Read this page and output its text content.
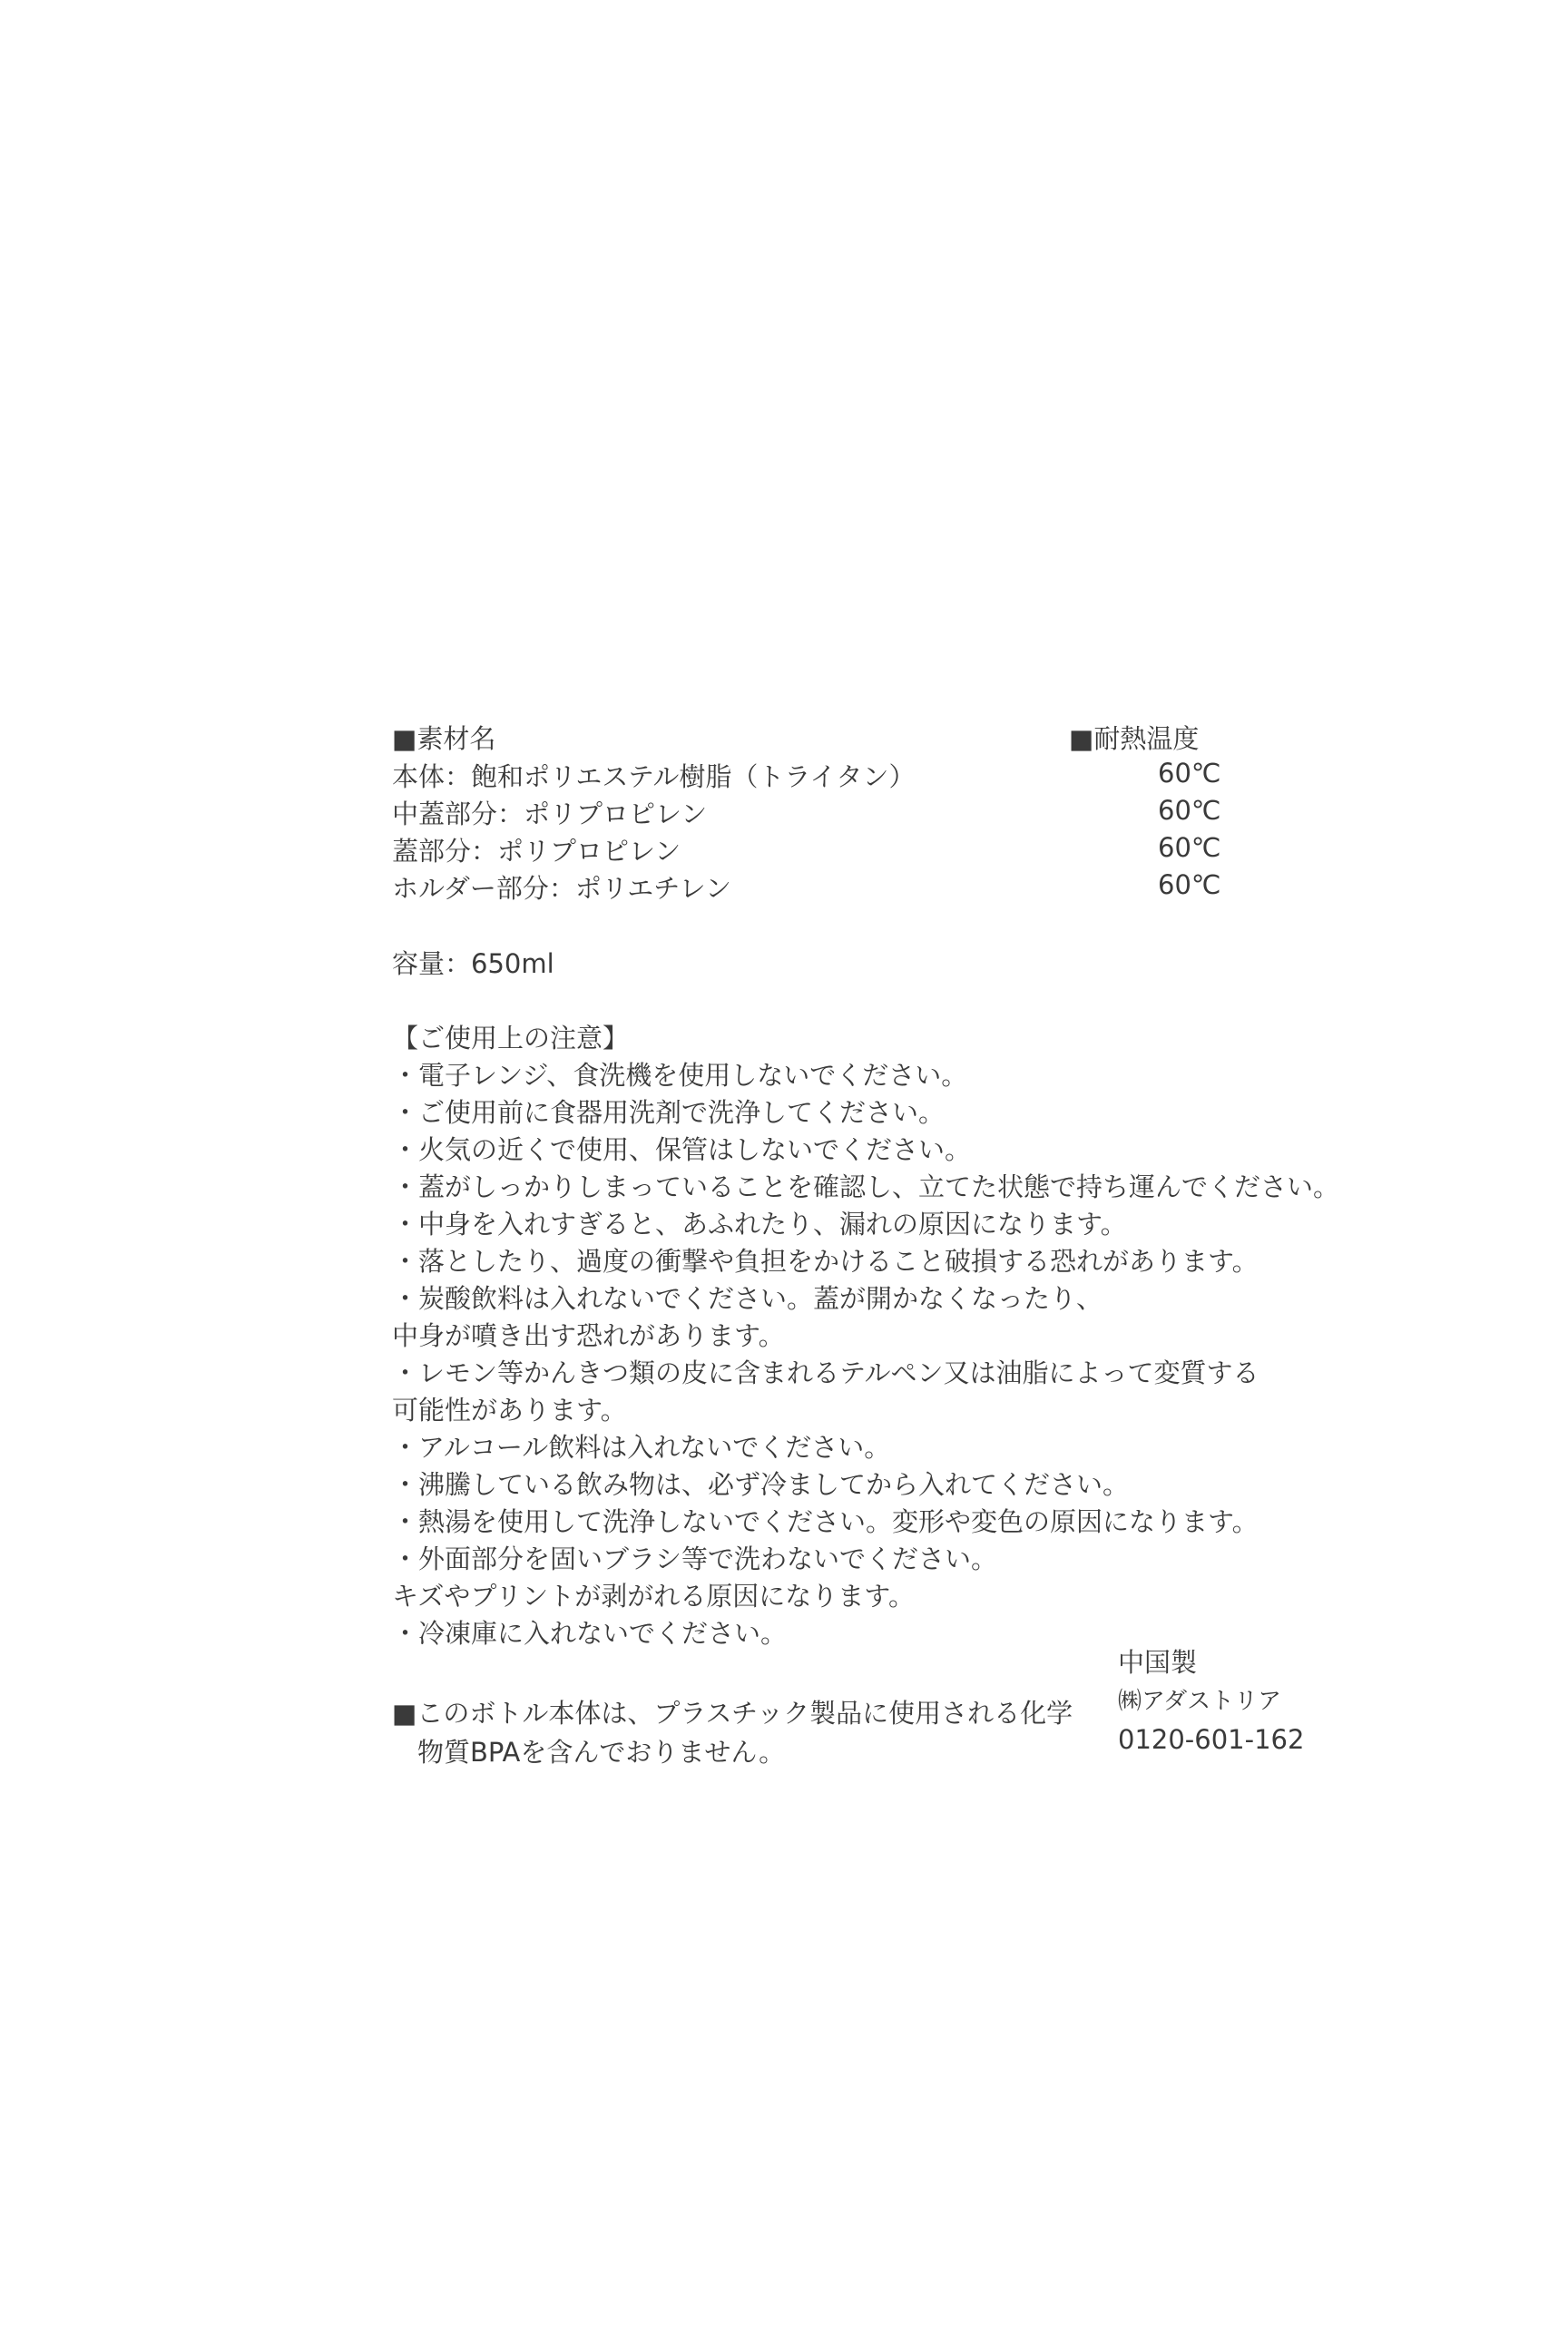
■素材名
本体：飽和ポリエステル樹脂（トライタン）
中蓋部分：ポリプロピレン
蓋部分：ポリプロピレン
ホルダー部分：ポリエチレン
■耐熱温度
60℃
60℃
60℃
60℃
容量：650ml
【ご使用上の注意】
・電子レンジ、食洗機を使用しないでください。
・ご使用前に食器用洗剤で洗浄してください。
・火気の近くで使用、保管はしないでください。
・蓋がしっかりしまっていることを確認し、立てた状態で持ち運んでください。
・中身を入れすぎると、あふれたり、漏れの原因になります。
・落としたり、過度の衝撃や負担をかけること破損する恐れがあります。
・炭酸飲料は入れないでください。蓋が開かなくなったり、
中身が噴き出す恐れがあります。
・レモン等かんきつ類の皮に含まれるテルペン又は油脂によって変質する
可能性があります。
・アルコール飲料は入れないでください。
・沸騰している飲み物は、必ず冷ましてから入れてください。
・熱湯を使用して洗浄しないでください。変形や変色の原因になります。
・外面部分を固いブラシ等で洗わないでください。
キズやプリントが剥がれる原因になります。
・冷凍庫に入れないでください。
■このボトル本体は、プラスチック製品に使用される化学
物質BPAを含んでおりません。
中国製
㈱アダストリア
0120-601-162
